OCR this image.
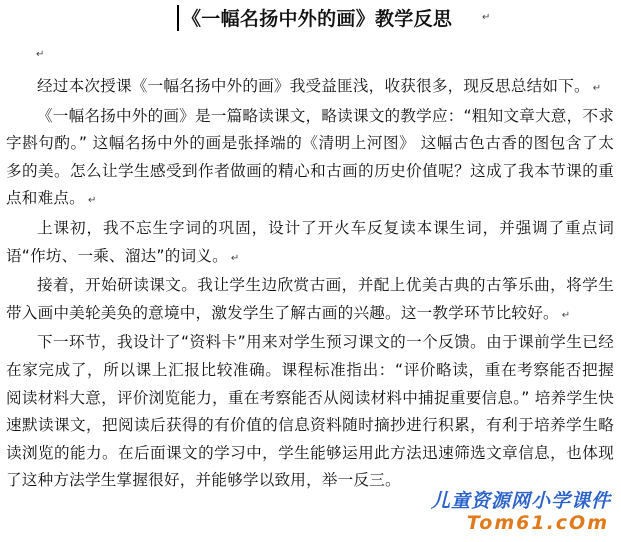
《一幅名扬中外的画》教学反思	↵
↵

经过本次授课《一幅名扬中外的画》我受益匪浅，收获很多，现反思总结如下。 ↵

《一幅名扬中外的画》是一篇略读课文，略读课文的教学应：“粗知文章大意，不求字斟句酌。” 这幅名扬中外的画是张择端的《清明上河图》 这幅古色古香的图包含了太多的美。怎么让学生感受到作者做画的精心和古画的历史价值呢？这成了我本节课的重点和难点。 ↵

上课初，我不忘生字词的巩固，设计了开火车反复读本课生词，并强调了重点词语“作坊、一乘、溜达”的词义。 ↵

接着，开始研读课文。我让学生边欣赏古画，并配上优美古典的古筝乐曲，将学生带入画中美轮美奂的意境中，激发学生了解古画的兴趣。这一教学环节比较好。 ↵

下一环节，我设计了“资料卡”用来对学生预习课文的一个反馈。由于课前学生已经在家完成了，所以课上汇报比较准确。课程标准指出：“评价略读，重在考察能否把握阅读材料大意，评价浏览能力，重在考察能否从阅读材料中捕捉重要信息。” 培养学生快速默读课文，把阅读后获得的有价值的信息资料随时摘抄进行积累，有利于培养学生略读浏览的能力。在后面课文的学习中，学生能够运用此方法迅速筛选文章信息，也体现了这种方法学生掌握很好，并能够学以致用，举一反三。

儿童资源网小学课件
Tom61.cOm
